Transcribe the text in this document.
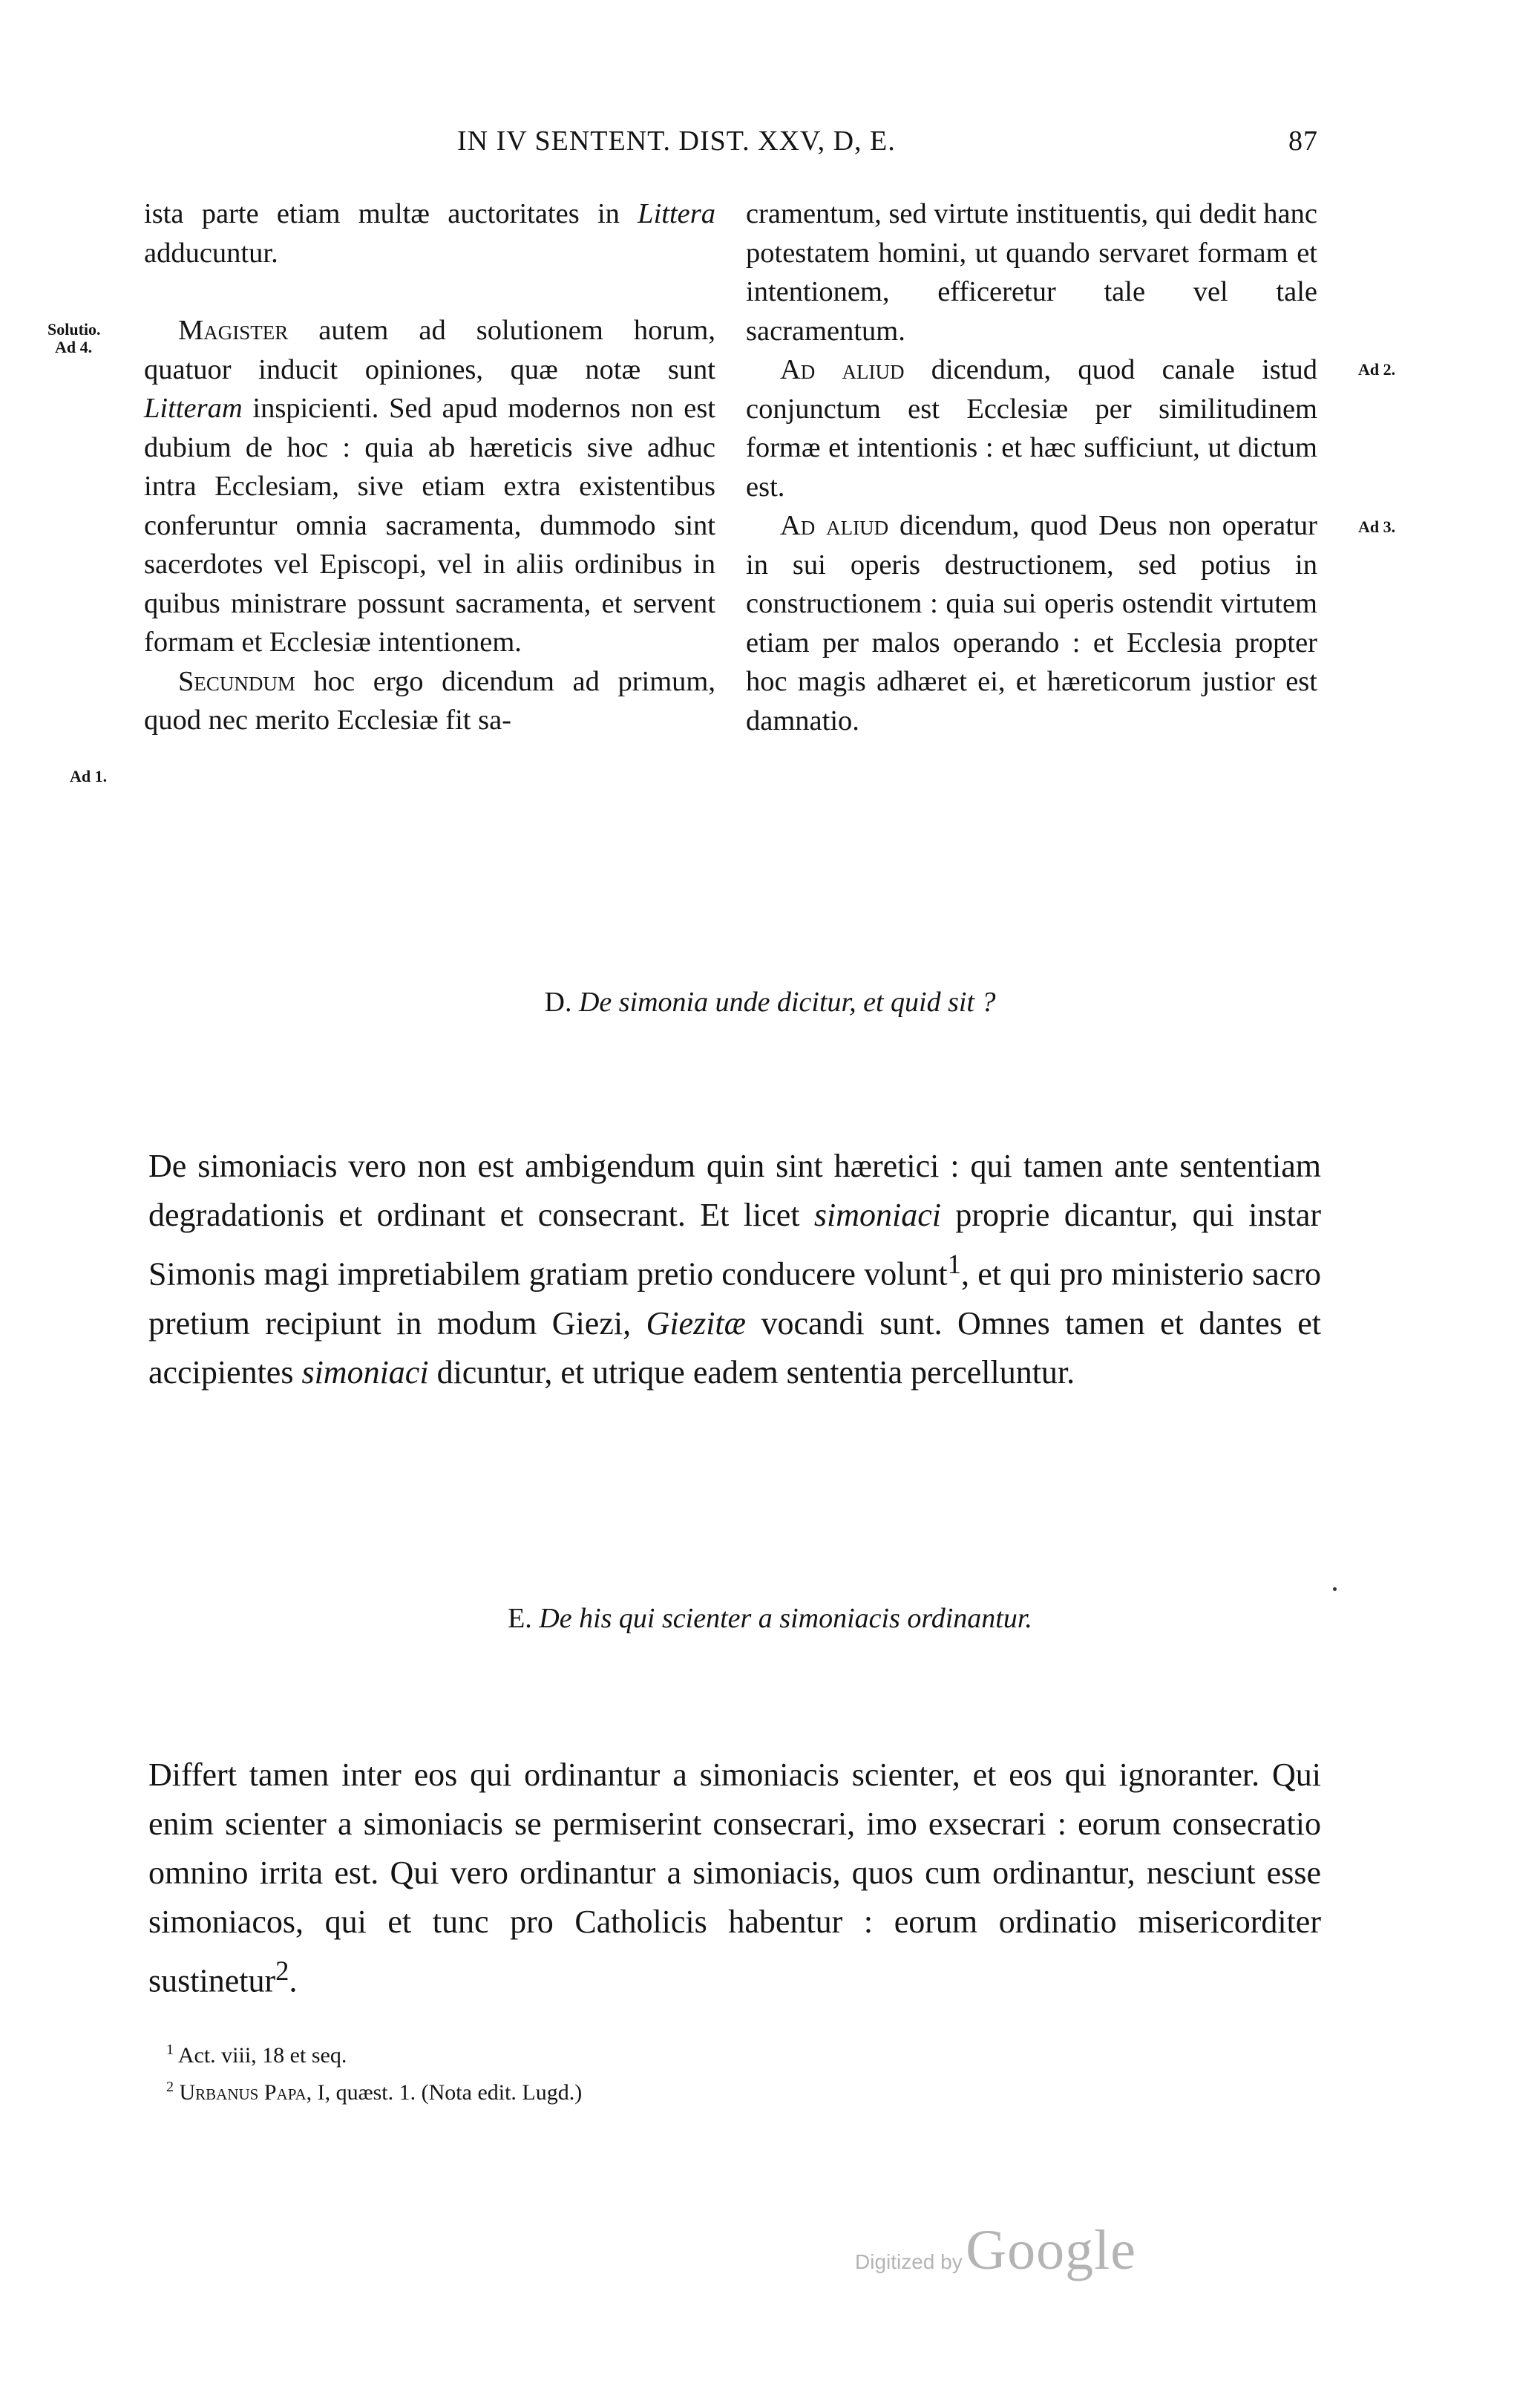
IN IV SENTENT. DIST. XXV, D, E.	87
Solutio.
Ad 4.
Ad 1.
Ad 2.
Ad 3.

ista parte etiam multæ auctoritates in Littera adducuntur.

Magister autem ad solutionem horum, quatuor inducit opiniones, quæ notæ sunt Litteram inspicienti. Sed apud modernos non est dubium de hoc : quia ab hæreticis sive adhuc intra Ecclesiam, sive etiam extra existentibus conferuntur omnia sacramenta, dummodo sint sacerdotes vel Episcopi, vel in aliis ordinibus in quibus ministrare possunt sacramenta, et servent formam et Ecclesiæ intentionem.

Secundum hoc ergo dicendum ad primum, quod nec merito Ecclesiæ fit sa-

cramentum, sed virtute instituentis, qui dedit hanc potestatem homini, ut quando servaret formam et intentionem, efficeretur tale vel tale sacramentum.

Ad aliud dicendum, quod canale istud conjunctum est Ecclesiæ per similitudinem formæ et intentionis : et hæc sufficiunt, ut dictum est.

Ad aliud dicendum, quod Deus non operatur in sui operis destructionem, sed potius in constructionem : quia sui operis ostendit virtutem etiam per malos operando : et Ecclesia propter hoc magis adhæret ei, et hæreticorum justior est damnatio.

D. De simonia unde dicitur, et quid sit ?

De simoniacis vero non est ambigendum quin sint hæretici : qui tamen ante sententiam degradationis et ordinant et consecrant. Et licet simoniaci proprie dicantur, qui instar Simonis magi impretiabilem gratiam pretio conducere volunt$^1$, et qui pro ministerio sacro pretium recipiunt in modum Giezi, Giezitæ vocandi sunt. Omnes tamen et dantes et accipientes simoniaci dicuntur, et utrique eadem sententia percelluntur.

E. De his qui scienter a simoniacis ordinantur.

Differt tamen inter eos qui ordinantur a simoniacis scienter, et eos qui ignoranter. Qui enim scienter a simoniacis se permiserint consecrari, imo exsecrari : eorum consecratio omnino irrita est. Qui vero ordinantur a simoniacis, quos cum ordinantur, nesciunt esse simoniacos, qui et tunc pro Catholicis habentur : eorum ordinatio misericorditer sustinetur$^2$.

$^1$ Act. viii, 18 et seq.
$^2$ Urbanus Papa, I, quæst. 1. (Nota edit. Lugd.)
Digitized by Google
